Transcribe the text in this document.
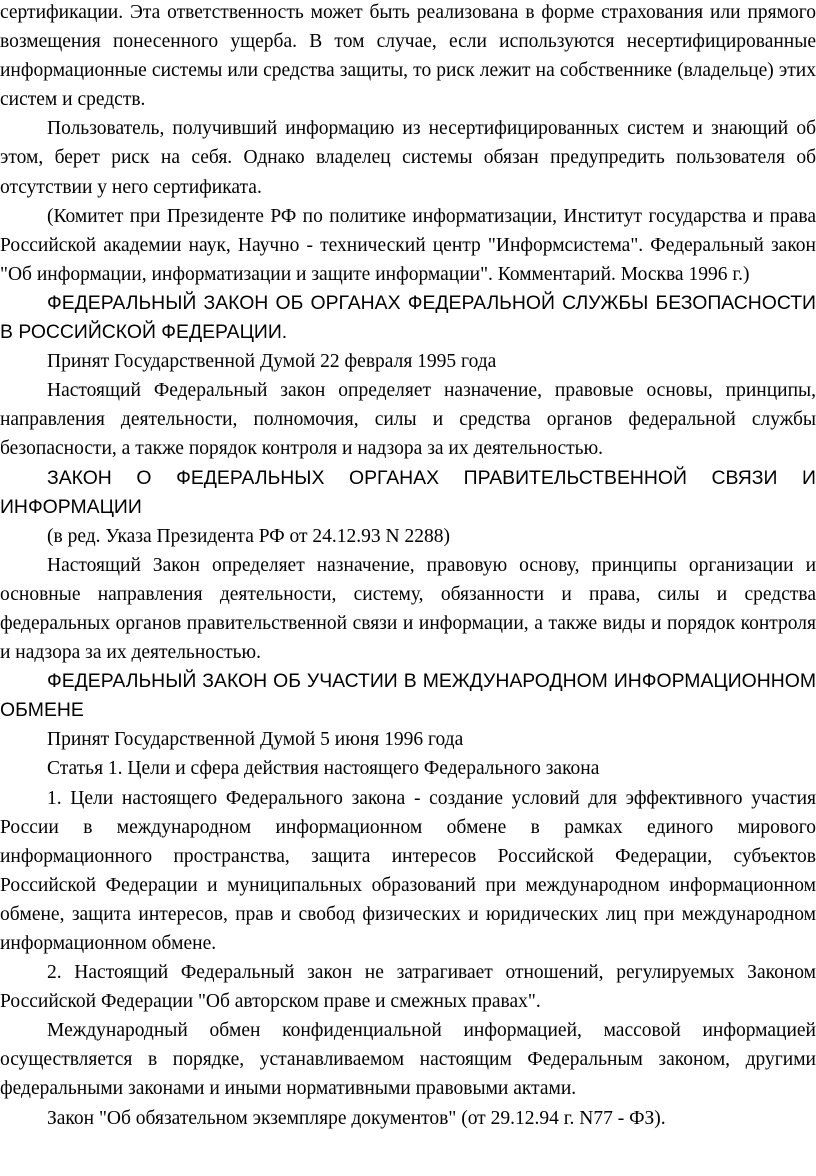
сертификации. Эта ответственность может быть реализована в форме страхования или прямого возмещения понесенного ущерба. В том случае, если используются несертифицированные информационные системы или средства защиты, то риск лежит на собственнике (владельце) этих систем и средств.

Пользователь, получивший информацию из несертифицированных систем и знающий об этом, берет риск на себя. Однако владелец системы обязан предупредить пользователя об отсутствии у него сертификата.

(Комитет при Президенте РФ по политике информатизации, Институт государства и права Российской академии наук, Научно - технический центр "Информсистема". Федеральный закон "Об информации, информатизации и защите информации". Комментарий. Москва 1996 г.)

ФЕДЕРАЛЬНЫЙ ЗАКОН ОБ ОРГАНАХ ФЕДЕРАЛЬНОЙ СЛУЖБЫ БЕЗОПАСНОСТИ В РОССИЙСКОЙ ФЕДЕРАЦИИ.

Принят Государственной Думой 22 февраля 1995 года

Настоящий Федеральный закон определяет назначение, правовые основы, принципы, направления деятельности, полномочия, силы и средства органов федеральной службы безопасности, а также порядок контроля и надзора за их деятельностью.

ЗАКОН О ФЕДЕРАЛЬНЫХ ОРГАНАХ ПРАВИТЕЛЬСТВЕННОЙ СВЯЗИ И ИНФОРМАЦИИ

(в ред. Указа Президента РФ от 24.12.93 N 2288)

Настоящий Закон определяет назначение, правовую основу, принципы организации и основные направления деятельности, систему, обязанности и права, силы и средства федеральных органов правительственной связи и информации, а также виды и порядок контроля и надзора за их деятельностью.

ФЕДЕРАЛЬНЫЙ ЗАКОН ОБ УЧАСТИИ В МЕЖДУНАРОДНОМ ИНФОРМАЦИОННОМ ОБМЕНЕ

Принят Государственной Думой 5 июня 1996 года

Статья 1. Цели и сфера действия настоящего Федерального закона

1. Цели настоящего Федерального закона - создание условий для эффективного участия России в международном информационном обмене в рамках единого мирового информационного пространства, защита интересов Российской Федерации, субъектов Российской Федерации и муниципальных образований при международном информационном обмене, защита интересов, прав и свобод физических и юридических лиц при международном информационном обмене.

2. Настоящий Федеральный закон не затрагивает отношений, регулируемых Законом Российской Федерации "Об авторском праве и смежных правах".

Международный обмен конфиденциальной информацией, массовой информацией осуществляется в порядке, устанавливаемом настоящим Федеральным законом, другими федеральными законами и иными нормативными правовыми актами.

Закон "Об обязательном экземпляре документов" (от 29.12.94 г. N77 - ФЗ).
